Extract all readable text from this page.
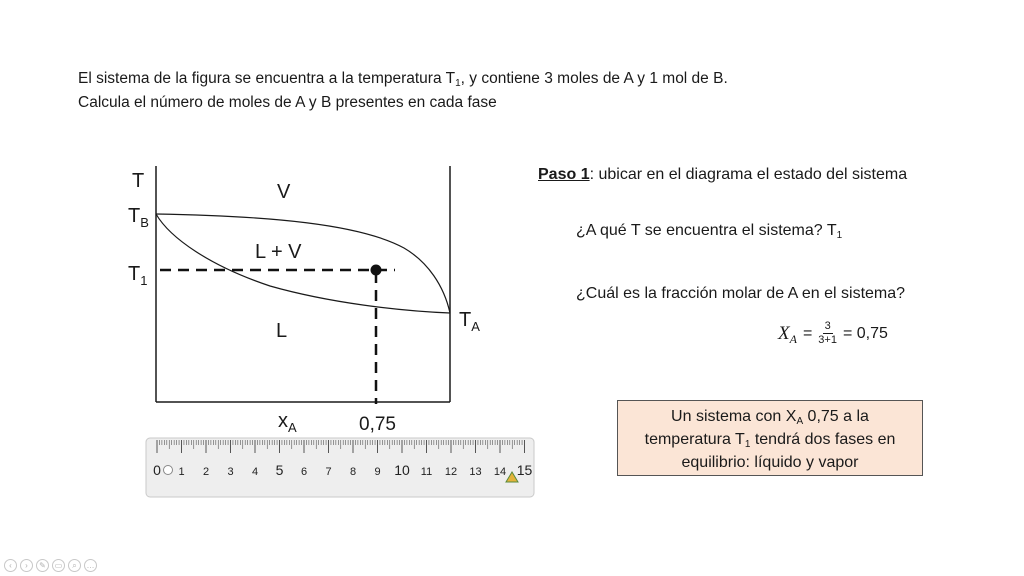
El sistema de la figura se encuentra a la temperatura $T_1$, y contiene 3 moles de A y 1 mol de B.
Calcula el número de moles de A y B presentes en cada fase
T
$T_B$
$T_1$
$T_A$
V
L + V
L
$x_A$	0,75
0 1 2 3 4 5 6 7 8 9 10 11 12 13 14 15
Paso 1: ubicar en el diagrama el estado del sistema
¿A qué T se encuentra el sistema? $T_1$
¿Cuál es la fracción molar de A en el sistema?
$X_A = \frac{3}{3+1} = 0,75$
Un sistema con $X_A$ 0,75 a la
temperatura $T_1$ tendrá dos fases en
equilibrio: líquido y vapor
‹	›	✎	▭	⌕	…
